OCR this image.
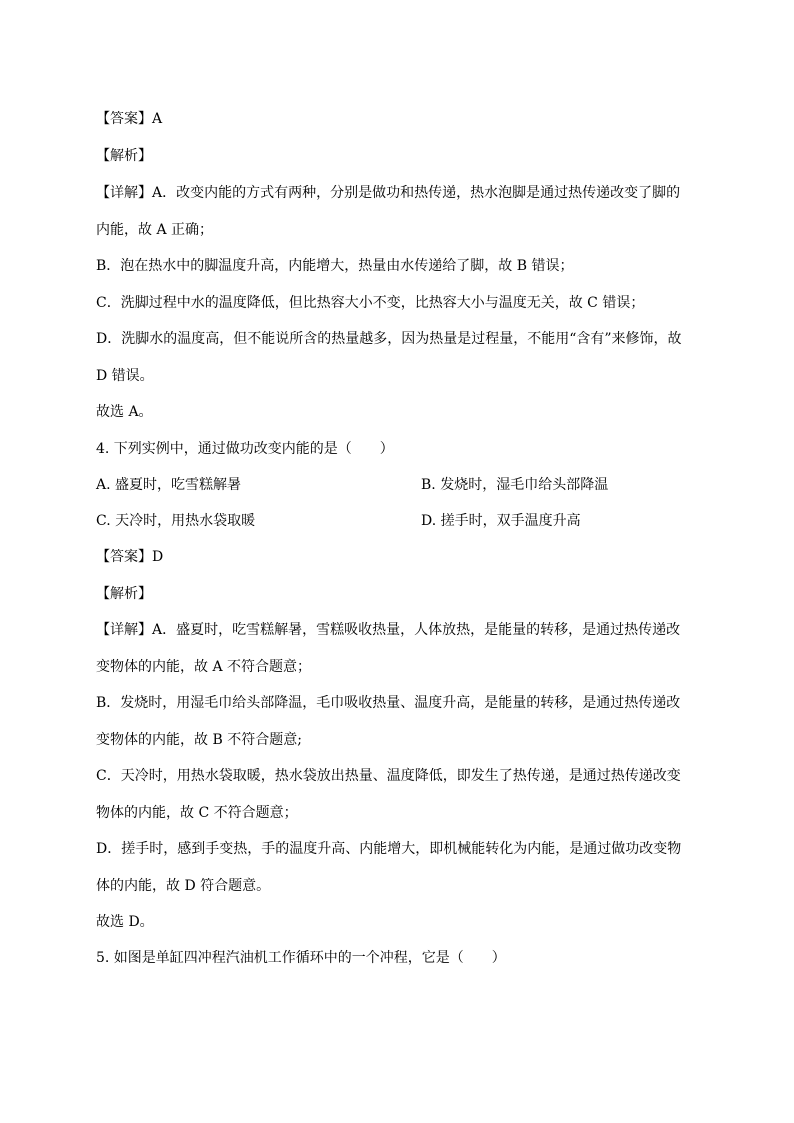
【答案】A
【解析】
【详解】A．改变内能的方式有两种，分别是做功和热传递，热水泡脚是通过热传递改变了脚的
内能，故 A 正确；
B．泡在热水中的脚温度升高，内能增大，热量由水传递给了脚，故 B 错误；
C．洗脚过程中水的温度降低，但比热容大小不变，比热容大小与温度无关，故 C 错误；
D．洗脚水的温度高，但不能说所含的热量越多，因为热量是过程量，不能用“含有”来修饰，故
D 错误。
故选 A。
4. 下列实例中，通过做功改变内能的是（　　）
A. 盛夏时，吃雪糕解暑	B. 发烧时，湿毛巾给头部降温
C. 天冷时，用热水袋取暖	D. 搓手时，双手温度升高
【答案】D
【解析】
【详解】A．盛夏时，吃雪糕解暑，雪糕吸收热量，人体放热，是能量的转移，是通过热传递改
变物体的内能，故 A 不符合题意；
B．发烧时，用湿毛巾给头部降温，毛巾吸收热量、温度升高，是能量的转移，是通过热传递改
变物体的内能，故 B 不符合题意;
C．天冷时，用热水袋取暖，热水袋放出热量、温度降低，即发生了热传递，是通过热传递改变
物体的内能，故 C 不符合题意；
D．搓手时，感到手变热，手的温度升高、内能增大，即机械能转化为内能，是通过做功改变物
体的内能，故 D 符合题意。
故选 D。
5. 如图是单缸四冲程汽油机工作循环中的一个冲程，它是（　　）
